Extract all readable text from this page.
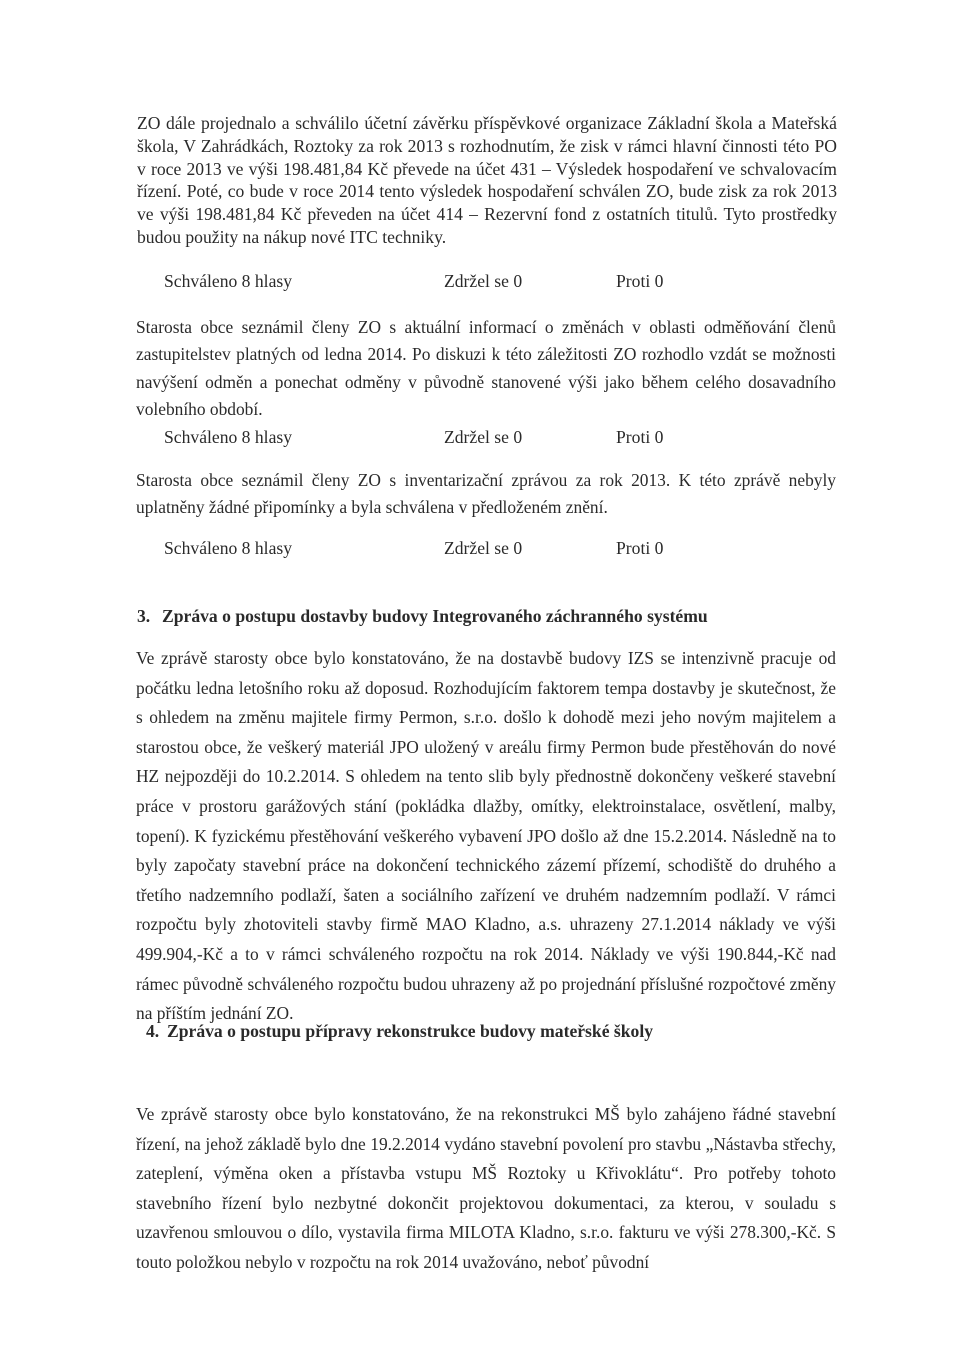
ZO dále projednalo a schválilo účetní závěrku příspěvkové organizace Základní škola a Mateřská škola, V Zahrádkách, Roztoky za rok 2013 s rozhodnutím, že zisk v rámci hlavní činnosti této PO v roce 2013 ve výši 198.481,84 Kč převede na účet 431 – Výsledek hospodaření ve schvalovacím řízení. Poté, co bude v roce 2014 tento výsledek hospodaření schválen ZO, bude zisk za rok 2013 ve výši 198.481,84 Kč převeden na účet 414 – Rezervní fond z ostatních titulů. Tyto prostředky budou použity na nákup nové ITC techniky.

Schváleno 8 hlasy	Zdržel se 0	Proti 0

Starosta obce seznámil členy ZO s aktuální informací o změnách v oblasti odměňování členů zastupitelstev platných od ledna 2014. Po diskuzi k této záležitosti ZO rozhodlo vzdát se možnosti navýšení odměn a ponechat odměny v původně stanovené výši jako během celého dosavadního volebního období.

Schváleno 8 hlasy	Zdržel se 0	Proti 0

Starosta obce seznámil členy ZO s inventarizační zprávou za rok 2013. K této zprávě nebyly uplatněny žádné připomínky a byla schválena v předloženém znění.

Schváleno 8 hlasy	Zdržel se 0	Proti 0
3. Zpráva o postupu dostavby budovy Integrovaného záchranného systému

Ve zprávě starosty obce bylo konstatováno, že na dostavbě budovy IZS se intenzivně pracuje od počátku ledna letošního roku až doposud. Rozhodujícím faktorem tempa dostavby je skutečnost, že s ohledem na změnu majitele firmy Permon, s.r.o. došlo k dohodě mezi jeho novým majitelem a starostou obce, že veškerý materiál JPO uložený v areálu firmy Permon bude přestěhován do nové HZ nejpozději do 10.2.2014. S ohledem na tento slib byly přednostně dokončeny veškeré stavební práce v prostoru garážových stání (pokládka dlažby, omítky, elektroinstalace, osvětlení, malby, topení). K fyzickému přestěhování veškerého vybavení JPO došlo až dne 15.2.2014. Následně na to byly započaty stavební práce na dokončení technického zázemí přízemí, schodiště do druhého a třetího nadzemního podlaží, šaten a sociálního zařízení ve druhém nadzemním podlaží. V rámci rozpočtu byly zhotoviteli stavby firmě MAO Kladno, a.s. uhrazeny 27.1.2014 náklady ve výši 499.904,-Kč a to v rámci schváleného rozpočtu na rok 2014. Náklady ve výši 190.844,-Kč nad rámec původně schváleného rozpočtu budou uhrazeny až po projednání příslušné rozpočtové změny na příštím jednání ZO.

4. Zpráva o postupu přípravy rekonstrukce budovy mateřské školy

Ve zprávě starosty obce bylo konstatováno, že na rekonstrukci MŠ bylo zahájeno řádné stavební řízení, na jehož základě bylo dne 19.2.2014 vydáno stavební povolení pro stavbu „Nástavba střechy, zateplení, výměna oken a přístavba vstupu MŠ Roztoky u Křivoklátu“. Pro potřeby tohoto stavebního řízení bylo nezbytné dokončit projektovou dokumentaci, za kterou, v souladu s uzavřenou smlouvou o dílo, vystavila firma MILOTA Kladno, s.r.o. fakturu ve výši 278.300,-Kč. S touto položkou nebylo v rozpočtu na rok 2014 uvažováno, neboť původní
